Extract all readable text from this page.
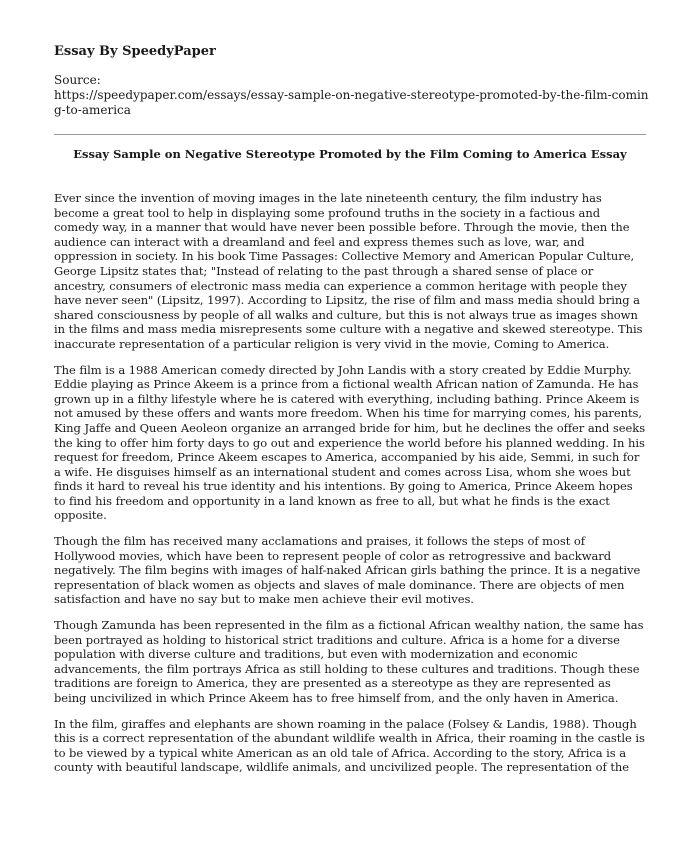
Essay By SpeedyPaper
Source:
https://speedypaper.com/essays/essay-sample-on-negative-stereotype-promoted-by-the-film-coming-to-america
Essay Sample on Negative Stereotype Promoted by the Film Coming to America Essay

Ever since the invention of moving images in the late nineteenth century, the film industry has become a great tool to help in displaying some profound truths in the society in a factious and comedy way, in a manner that would have never been possible before. Through the movie, then the audience can interact with a dreamland and feel and express themes such as love, war, and oppression in society. In his book Time Passages: Collective Memory and American Popular Culture, George Lipsitz states that; "Instead of relating to the past through a shared sense of place or ancestry, consumers of electronic mass media can experience a common heritage with people they have never seen" (Lipsitz, 1997). According to Lipsitz, the rise of film and mass media should bring a shared consciousness by people of all walks and culture, but this is not always true as images shown in the films and mass media misrepresents some culture with a negative and skewed stereotype. This inaccurate representation of a particular religion is very vivid in the movie, Coming to America.

The film is a 1988 American comedy directed by John Landis with a story created by Eddie Murphy. Eddie playing as Prince Akeem is a prince from a fictional wealth African nation of Zamunda. He has grown up in a filthy lifestyle where he is catered with everything, including bathing. Prince Akeem is not amused by these offers and wants more freedom. When his time for marrying comes, his parents, King Jaffe and Queen Aeoleon organize an arranged bride for him, but he declines the offer and seeks the king to offer him forty days to go out and experience the world before his planned wedding. In his request for freedom, Prince Akeem escapes to America, accompanied by his aide, Semmi, in such for a wife. He disguises himself as an international student and comes across Lisa, whom she woes but finds it hard to reveal his true identity and his intentions. By going to America, Prince Akeem hopes to find his freedom and opportunity in a land known as free to all, but what he finds is the exact opposite.

Though the film has received many acclamations and praises, it follows the steps of most of Hollywood movies, which have been to represent people of color as retrogressive and backward negatively. The film begins with images of half-naked African girls bathing the prince. It is a negative representation of black women as objects and slaves of male dominance. There are objects of men satisfaction and have no say but to make men achieve their evil motives.

Though Zamunda has been represented in the film as a fictional African wealthy nation, the same has been portrayed as holding to historical strict traditions and culture. Africa is a home for a diverse population with diverse culture and traditions, but even with modernization and economic advancements, the film portrays Africa as still holding to these cultures and traditions. Though these traditions are foreign to America, they are presented as a stereotype as they are represented as being uncivilized in which Prince Akeem has to free himself from, and the only haven in America.

In the film, giraffes and elephants are shown roaming in the palace (Folsey & Landis, 1988). Though this is a correct representation of the abundant wildlife wealth in Africa, their roaming in the castle is to be viewed by a typical white American as an old tale of Africa. According to the story, Africa is a county with beautiful landscape, wildlife animals, and uncivilized people. The representation of the
